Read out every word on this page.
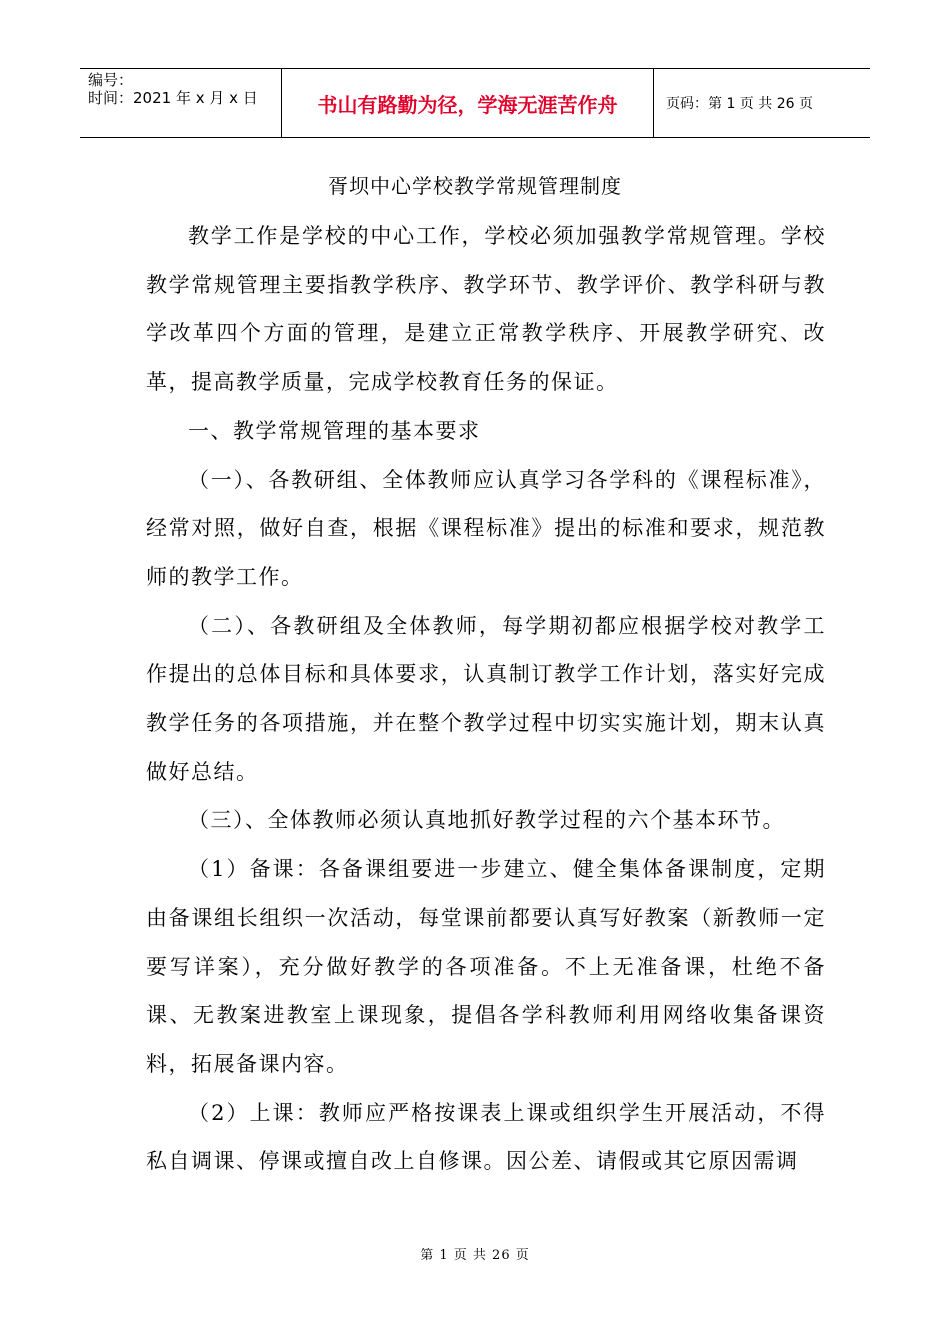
编号：
时间：2021 年 x 月 x 日	书山有路勤为径，学海无涯苦作舟	页码：第 1 页 共 26 页
胥坝中心学校教学常规管理制度

教学工作是学校的中心工作，学校必须加强教学常规管理。学校教学常规管理主要指教学秩序、教学环节、教学评价、教学科研与教学改革四个方面的管理，是建立正常教学秩序、开展教学研究、改革，提高教学质量，完成学校教育任务的保证。

一、教学常规管理的基本要求

（一）、各教研组、全体教师应认真学习各学科的《课程标准》，经常对照，做好自查，根据《课程标准》提出的标准和要求，规范教师的教学工作。

（二）、各教研组及全体教师，每学期初都应根据学校对教学工作提出的总体目标和具体要求，认真制订教学工作计划，落实好完成教学任务的各项措施，并在整个教学过程中切实实施计划，期末认真做好总结。

（三）、全体教师必须认真地抓好教学过程的六个基本环节。

（1）备课：各备课组要进一步建立、健全集体备课制度，定期由备课组长组织一次活动，每堂课前都要认真写好教案（新教师一定要写详案），充分做好教学的各项准备。不上无准备课，杜绝不备课、无教案进教室上课现象，提倡各学科教师利用网络收集备课资料，拓展备课内容。

（2）上课：教师应严格按课表上课或组织学生开展活动，不得私自调课、停课或擅自改上自修课。因公差、请假或其它原因需调

第 1 页 共 26 页
